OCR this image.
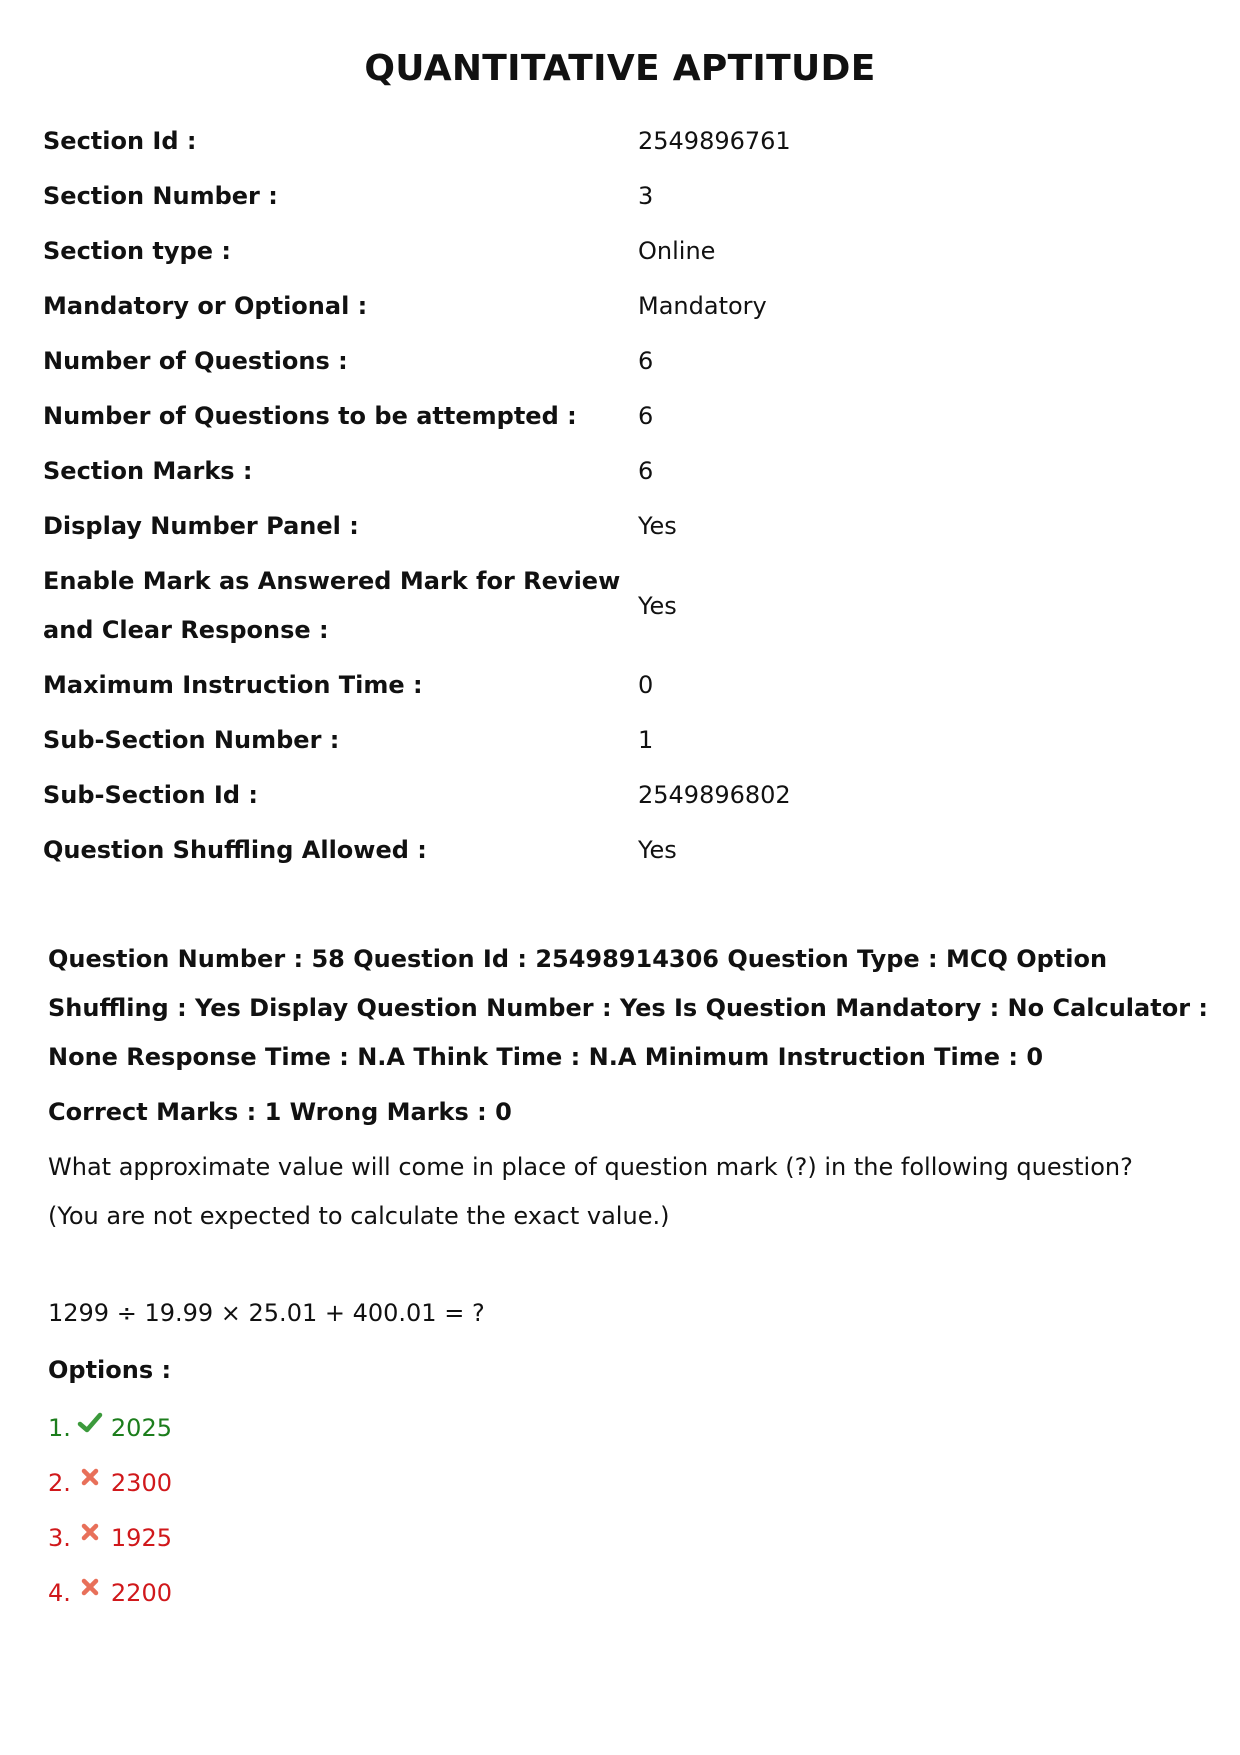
QUANTITATIVE APTITUDE
Section Id :	2549896761
Section Number :	3
Section type :	Online
Mandatory or Optional :	Mandatory
Number of Questions :	6
Number of Questions to be attempted :	6
Section Marks :	6
Display Number Panel :	Yes
Enable Mark as Answered Mark for Review and Clear Response :
Yes
Maximum Instruction Time :	0
Sub-Section Number :	1
Sub-Section Id :	2549896802
Question Shuffling Allowed :	Yes

Question Number : 58 Question Id : 25498914306 Question Type : MCQ Option Shuffling : Yes Display Question Number : Yes Is Question Mandatory : No Calculator : None Response Time : N.A Think Time : N.A Minimum Instruction Time : 0

Correct Marks : 1 Wrong Marks : 0

What approximate value will come in place of question mark (?) in the following question?
(You are not expected to calculate the exact value.)

1299 ÷ 19.99 × 25.01 + 400.01 = ?

Options :

1. 2025
2. 2300
3. 1925
4. 2200
